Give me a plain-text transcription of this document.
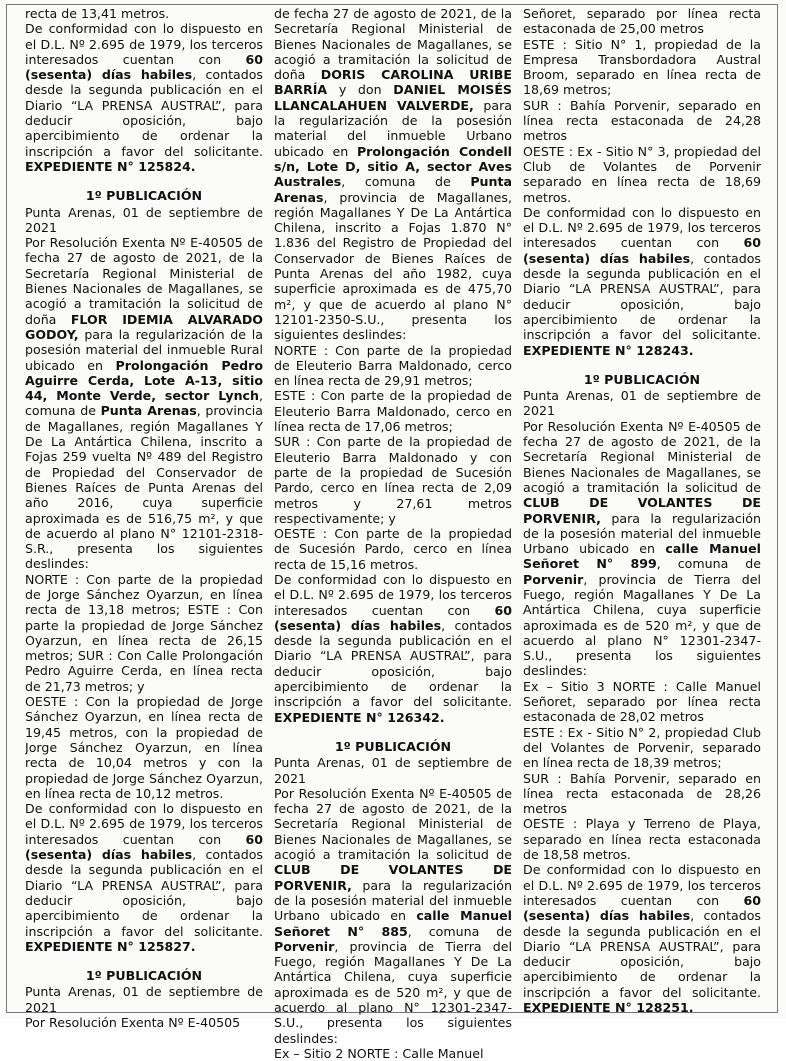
recta de 13,41 metros.

De conformidad con lo dispuesto en el D.L. Nº 2.695 de 1979, los terceros interesados cuentan con 60 (sesenta) días habiles, contados desde la segunda publicación en el Diario “LA PRENSA AUSTRAL”, para deducir oposición, bajo apercibimiento de ordenar la inscripción a favor del solicitante. EXPEDIENTE N° 125824.

1º PUBLICACIÓN

Punta Arenas, 01 de septiembre de 2021

Por Resolución Exenta Nº E-40505 de fecha 27 de agosto de 2021, de la Secretaría Regional Ministerial de Bienes Nacionales de Magallanes, se acogió a tramitación la solicitud de doña FLOR IDEMIA ALVARADO GODOY, para la regularización de la posesión material del inmueble Rural ubicado en Prolongación Pedro Aguirre Cerda, Lote A-13, sitio 44, Monte Verde, sector Lynch, comuna de Punta Arenas, provincia de Magallanes, región Magallanes Y De La Antártica Chilena, inscrito a Fojas 259 vuelta Nº 489 del Registro de Propiedad del Conservador de Bienes Raíces de Punta Arenas del año 2016, cuya superficie aproximada es de 516,75 m², y que de acuerdo al plano N° 12101-2318-S.R., presenta los siguientes deslindes:

NORTE : Con parte de la propiedad de Jorge Sánchez Oyarzun, en línea recta de 13,18 metros; ESTE : Con parte la propiedad de Jorge Sánchez Oyarzun, en línea recta de 26,15 metros; SUR : Con Calle Prolongación Pedro Aguirre Cerda, en línea recta de 21,73 metros; y

OESTE : Con la propiedad de Jorge Sánchez Oyarzun, en línea recta de 19,45 metros, con la propiedad de Jorge Sánchez Oyarzun, en línea recta de 10,04 metros y con la propiedad de Jorge Sánchez Oyarzun, en línea recta de 10,12 metros.

De conformidad con lo dispuesto en el D.L. Nº 2.695 de 1979, los terceros interesados cuentan con 60 (sesenta) días habiles, contados desde la segunda publicación en el Diario “LA PRENSA AUSTRAL”, para deducir oposición, bajo apercibimiento de ordenar la inscripción a favor del solicitante. EXPEDIENTE N° 125827.

1º PUBLICACIÓN

Punta Arenas, 01 de septiembre de 2021

Por Resolución Exenta Nº E-40505

de fecha 27 de agosto de 2021, de la Secretaría Regional Ministerial de Bienes Nacionales de Magallanes, se acogió a tramitación la solicitud de doña DORIS CAROLINA URIBE BARRÍA y don DANIEL MOISÉS LLANCALAHUEN VALVERDE, para la regularización de la posesión material del inmueble Urbano ubicado en Prolongación Condell s/n, Lote D, sitio A, sector Aves Australes, comuna de Punta Arenas, provincia de Magallanes, región Magallanes Y De La Antártica Chilena, inscrito a Fojas 1.870 N° 1.836 del Registro de Propiedad del Conservador de Bienes Raíces de Punta Arenas del año 1982, cuya superficie aproximada es de 475,70 m², y que de acuerdo al plano N° 12101-2350-S.U., presenta los siguientes deslindes:

NORTE : Con parte de la propiedad de Eleuterio Barra Maldonado, cerco en línea recta de 29,91 metros;

ESTE : Con parte de la propiedad de Eleuterio Barra Maldonado, cerco en línea recta de 17,06 metros;

SUR : Con parte de la propiedad de Eleuterio Barra Maldonado y con parte de la propiedad de Sucesión Pardo, cerco en línea recta de 2,09 metros y 27,61 metros respectivamente; y

OESTE : Con parte de la propiedad de Sucesión Pardo, cerco en línea recta de 15,16 metros.

De conformidad con lo dispuesto en el D.L. Nº 2.695 de 1979, los terceros interesados cuentan con 60 (sesenta) días habiles, contados desde la segunda publicación en el Diario “LA PRENSA AUSTRAL”, para deducir oposición, bajo apercibimiento de ordenar la inscripción a favor del solicitante. EXPEDIENTE N° 126342.

1º PUBLICACIÓN

Punta Arenas, 01 de septiembre de 2021

Por Resolución Exenta Nº E-40505 de fecha 27 de agosto de 2021, de la Secretaría Regional Ministerial de Bienes Nacionales de Magallanes, se acogió a tramitación la solicitud de CLUB DE VOLANTES DE PORVENIR, para la regularización de la posesión material del inmueble Urbano ubicado en calle Manuel Señoret N° 885, comuna de Porvenir, provincia de Tierra del Fuego, región Magallanes Y De La Antártica Chilena, cuya superficie aproximada es de 520 m², y que de acuerdo al plano N° 12301-2347-S.U., presenta los siguientes deslindes:

Ex – Sitio 2 NORTE : Calle Manuel

Señoret, separado por línea recta estaconada de 25,00 metros

ESTE : Sitio N° 1, propiedad de la Empresa Transbordadora Austral Broom, separado en línea recta de 18,69 metros;

SUR : Bahía Porvenir, separado en línea recta estaconada de 24,28 metros

OESTE : Ex - Sitio N° 3, propiedad del Club de Volantes de Porvenir separado en línea recta de 18,69 metros.

De conformidad con lo dispuesto en el D.L. Nº 2.695 de 1979, los terceros interesados cuentan con 60 (sesenta) días habiles, contados desde la segunda publicación en el Diario “LA PRENSA AUSTRAL”, para deducir oposición, bajo apercibimiento de ordenar la inscripción a favor del solicitante. EXPEDIENTE N° 128243.

1º PUBLICACIÓN

Punta Arenas, 01 de septiembre de 2021

Por Resolución Exenta Nº E-40505 de fecha 27 de agosto de 2021, de la Secretaría Regional Ministerial de Bienes Nacionales de Magallanes, se acogió a tramitación la solicitud de CLUB DE VOLANTES DE PORVENIR, para la regularización de la posesión material del inmueble Urbano ubicado en calle Manuel Señoret N° 899, comuna de Porvenir, provincia de Tierra del Fuego, región Magallanes Y De La Antártica Chilena, cuya superficie aproximada es de 520 m², y que de acuerdo al plano N° 12301-2347-S.U., presenta los siguientes deslindes:

Ex – Sitio 3 NORTE : Calle Manuel Señoret, separado por línea recta estaconada de 28,02 metros

ESTE : Ex - Sitio N° 2, propiedad Club del Volantes de Porvenir, separado en línea recta de 18,39 metros;

SUR : Bahía Porvenir, separado en línea recta estaconada de 28,26 metros

OESTE : Playa y Terreno de Playa, separado en línea recta estaconada de 18,58 metros.

De conformidad con lo dispuesto en el D.L. Nº 2.695 de 1979, los terceros interesados cuentan con 60 (sesenta) días habiles, contados desde la segunda publicación en el Diario “LA PRENSA AUSTRAL”, para deducir oposición, bajo apercibimiento de ordenar la inscripción a favor del solicitante. EXPEDIENTE N° 128251.
